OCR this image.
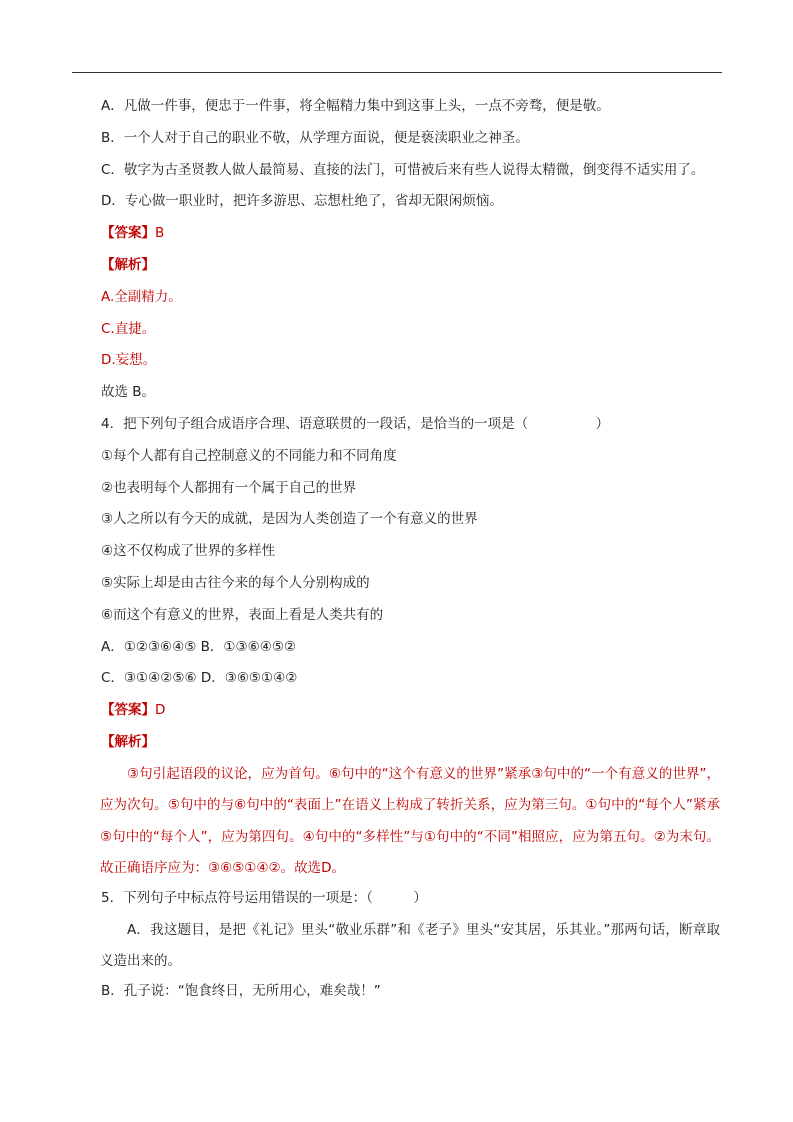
A．凡做一件事，便忠于一件事，将全幅精力集中到这事上头，一点不旁骛，便是敬。
B．一个人对于自己的职业不敬，从学理方面说，便是亵渎职业之神圣。
C．敬字为古圣贤教人做人最简易、直接的法门，可惜被后来有些人说得太精微，倒变得不适实用了。
D．专心做一职业时，把许多游思、忘想杜绝了，省却无限闲烦恼。
【答案】B
【解析】
A.全副精力。
C.直捷。
D.妄想。
故选 B。
4．把下列句子组合成语序合理、语意联贯的一段话，是恰当的一项是（　　　　　）
①每个人都有自己控制意义的不同能力和不同角度
②也表明每个人都拥有一个属于自己的世界
③人之所以有今天的成就，是因为人类创造了一个有意义的世界
④这不仅构成了世界的多样性
⑤实际上却是由古往今来的每个人分别构成的
⑥而这个有意义的世界，表面上看是人类共有的
A．①②③⑥④⑤ B．①③⑥④⑤②
C．③①④②⑤⑥ D．③⑥⑤①④②
【答案】D
【解析】
③句引起语段的议论，应为首句。⑥句中的“这个有意义的世界”紧承③句中的“一个有意义的世界”，应为次句。⑤句中的与⑥句中的“表面上”在语义上构成了转折关系，应为第三句。①句中的“每个人”紧承⑤句中的“每个人”，应为第四句。④句中的“多样性”与①句中的“不同”相照应，应为第五句。②为末句。故正确语序应为：③⑥⑤①④②。故选D。
5．下列句子中标点符号运用错误的一项是：（　　　）
A．我这题目，是把《礼记》里头“敬业乐群”和《老子》里头“安其居，乐其业。”那两句话，断章取义造出来的。
B．孔子说：“饱食终日，无所用心，难矣哉！”
